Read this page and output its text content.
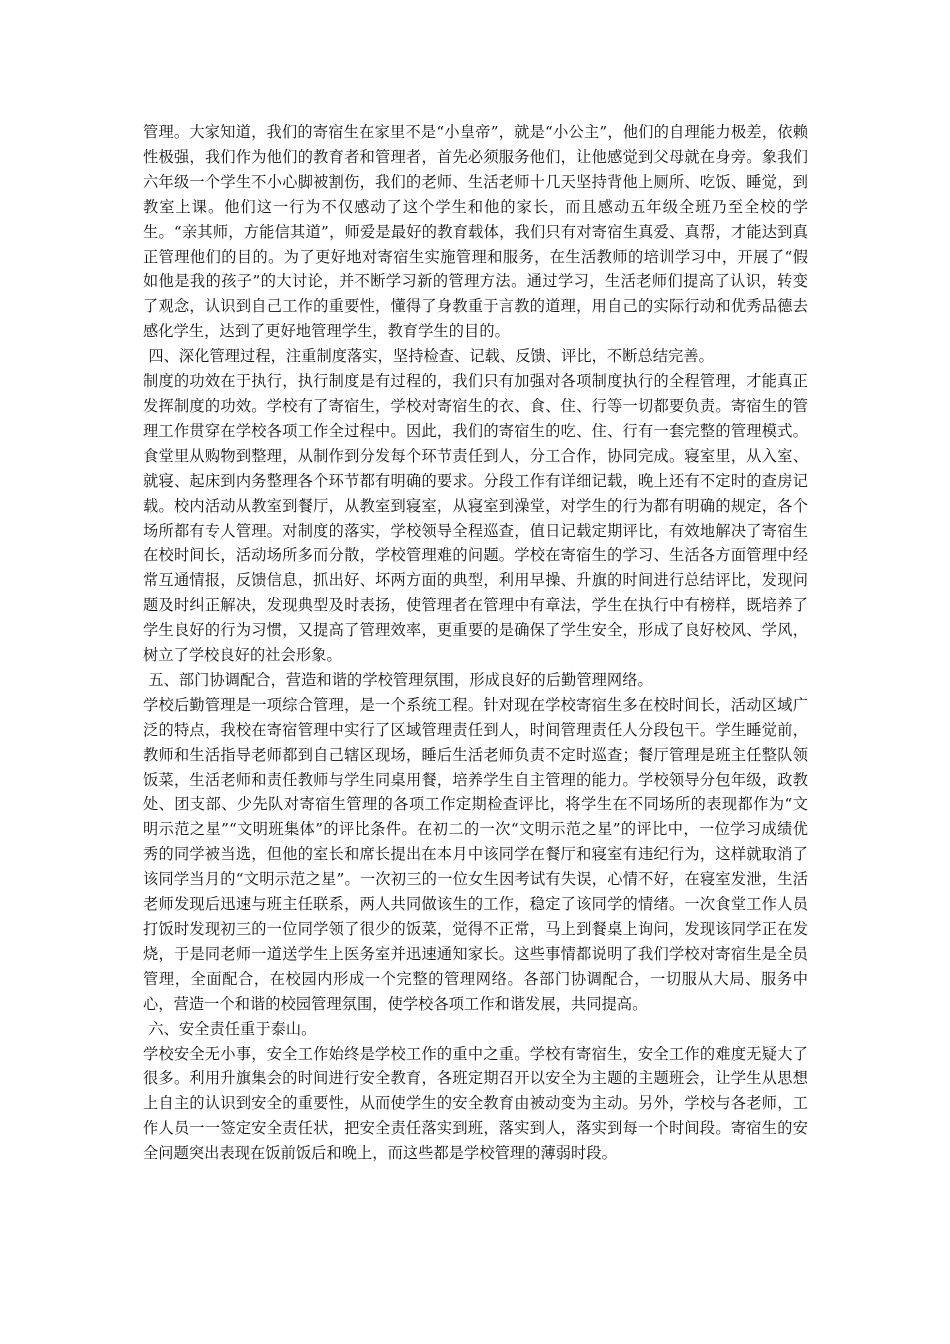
管理。大家知道，我们的寄宿生在家里不是“小皇帝”，就是“小公主”，他们的自理能力极差，依赖性极强，我们作为他们的教育者和管理者，首先必须服务他们，让他感觉到父母就在身旁。象我们六年级一个学生不小心脚被割伤，我们的老师、生活老师十几天坚持背他上厕所、吃饭、睡觉，到教室上课。他们这一行为不仅感动了这个学生和他的家长，而且感动五年级全班乃至全校的学生。“亲其师，方能信其道”，师爱是最好的教育载体，我们只有对寄宿生真爱、真帮，才能达到真正管理他们的目的。为了更好地对寄宿生实施管理和服务，在生活教师的培训学习中，开展了“假如他是我的孩子”的大讨论，并不断学习新的管理方法。通过学习，生活老师们提高了认识，转变了观念，认识到自己工作的重要性，懂得了身教重于言教的道理，用自己的实际行动和优秀品德去感化学生，达到了更好地管理学生，教育学生的目的。

四、深化管理过程，注重制度落实，坚持检查、记载、反馈、评比，不断总结完善。

制度的功效在于执行，执行制度是有过程的，我们只有加强对各项制度执行的全程管理，才能真正发挥制度的功效。学校有了寄宿生，学校对寄宿生的衣、食、住、行等一切都要负责。寄宿生的管理工作贯穿在学校各项工作全过程中。因此，我们的寄宿生的吃、住、行有一套完整的管理模式。食堂里从购物到整理，从制作到分发每个环节责任到人，分工合作，协同完成。寝室里，从入室、就寝、起床到内务整理各个环节都有明确的要求。分段工作有详细记载，晚上还有不定时的查房记载。校内活动从教室到餐厅，从教室到寝室，从寝室到澡堂，对学生的行为都有明确的规定，各个场所都有专人管理。对制度的落实，学校领导全程巡查，值日记载定期评比，有效地解决了寄宿生在校时间长，活动场所多而分散，学校管理难的问题。学校在寄宿生的学习、生活各方面管理中经常互通情报，反馈信息，抓出好、坏两方面的典型，利用早操、升旗的时间进行总结评比，发现问题及时纠正解决，发现典型及时表扬，使管理者在管理中有章法，学生在执行中有榜样，既培养了学生良好的行为习惯，又提高了管理效率，更重要的是确保了学生安全，形成了良好校风、学风，树立了学校良好的社会形象。

五、部门协调配合，营造和谐的学校管理氛围，形成良好的后勤管理网络。

学校后勤管理是一项综合管理，是一个系统工程。针对现在学校寄宿生多在校时间长，活动区域广泛的特点，我校在寄宿管理中实行了区域管理责任到人，时间管理责任人分段包干。学生睡觉前，教师和生活指导老师都到自己辖区现场，睡后生活老师负责不定时巡查；餐厅管理是班主任整队领饭菜，生活老师和责任教师与学生同桌用餐，培养学生自主管理的能力。学校领导分包年级，政教处、团支部、少先队对寄宿生管理的各项工作定期检查评比，将学生在不同场所的表现都作为“文明示范之星”“文明班集体”的评比条件。在初二的一次“文明示范之星”的评比中，一位学习成绩优秀的同学被当选，但他的室长和席长提出在本月中该同学在餐厅和寝室有违纪行为，这样就取消了该同学当月的“文明示范之星”。一次初三的一位女生因考试有失误，心情不好，在寝室发泄，生活老师发现后迅速与班主任联系，两人共同做该生的工作，稳定了该同学的情绪。一次食堂工作人员打饭时发现初三的一位同学领了很少的饭菜，觉得不正常，马上到餐桌上询问，发现该同学正在发烧，于是同老师一道送学生上医务室并迅速通知家长。这些事情都说明了我们学校对寄宿生是全员管理，全面配合，在校园内形成一个完整的管理网络。各部门协调配合，一切服从大局、服务中心，营造一个和谐的校园管理氛围，使学校各项工作和谐发展，共同提高。

六、安全责任重于泰山。

学校安全无小事，安全工作始终是学校工作的重中之重。学校有寄宿生，安全工作的难度无疑大了很多。利用升旗集会的时间进行安全教育，各班定期召开以安全为主题的主题班会，让学生从思想上自主的认识到安全的重要性，从而使学生的安全教育由被动变为主动。另外，学校与各老师，工作人员一一签定安全责任状，把安全责任落实到班，落实到人，落实到每一个时间段。寄宿生的安全问题突出表现在饭前饭后和晚上，而这些都是学校管理的薄弱时段。
